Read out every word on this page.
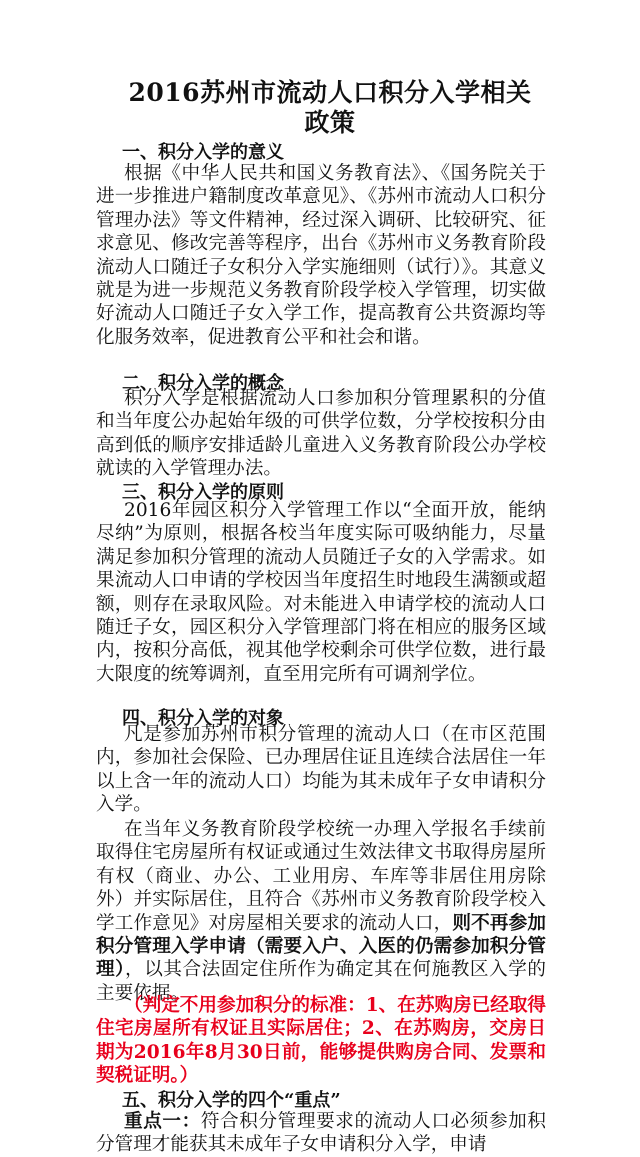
2016苏州市流动人口积分入学相关
政策
一、积分入学的意义

根据《中华人民共和国义务教育法》、《国务院关于进一步推进户籍制度改革意见》、《苏州市流动人口积分管理办法》等文件精神，经过深入调研、比较研究、征求意见、修改完善等程序，出台《苏州市义务教育阶段流动人口随迁子女积分入学实施细则（试行）》。其意义就是为进一步规范义务教育阶段学校入学管理，切实做好流动人口随迁子女入学工作，提高教育公共资源均等化服务效率，促进教育公平和社会和谐。

二、积分入学的概念

积分入学是根据流动人口参加积分管理累积的分值和当年度公办起始年级的可供学位数，分学校按积分由高到低的顺序安排适龄儿童进入义务教育阶段公办学校就读的入学管理办法。

三、积分入学的原则

2016年园区积分入学管理工作以“全面开放，能纳尽纳”为原则，根据各校当年度实际可吸纳能力，尽量满足参加积分管理的流动人员随迁子女的入学需求。如果流动人口申请的学校因当年度招生时地段生满额或超额，则存在录取风险。对未能进入申请学校的流动人口随迁子女，园区积分入学管理部门将在相应的服务区域内，按积分高低，视其他学校剩余可供学位数，进行最大限度的统筹调剂，直至用完所有可调剂学位。

四、积分入学的对象

凡是参加苏州市积分管理的流动人口（在市区范围内，参加社会保险、已办理居住证且连续合法居住一年以上含一年的流动人口）均能为其未成年子女申请积分入学。

在当年义务教育阶段学校统一办理入学报名手续前取得住宅房屋所有权证或通过生效法律文书取得房屋所有权（商业、办公、工业用房、车库等非居住用房除外）并实际居住，且符合《苏州市义务教育阶段学校入学工作意见》对房屋相关要求的流动人口，则不再参加积分管理入学申请（需要入户、入医的仍需参加积分管理），以其合法固定住所作为确定其在何施教区入学的主要依据。

（判定不用参加积分的标准：1、在苏购房已经取得住宅房屋所有权证且实际居住；2、在苏购房，交房日期为2016年8月30日前，能够提供购房合同、发票和契税证明。）

五、积分入学的四个“重点”

重点一：符合积分管理要求的流动人口必须参加积分管理才能获其未成年子女申请积分入学，申请
